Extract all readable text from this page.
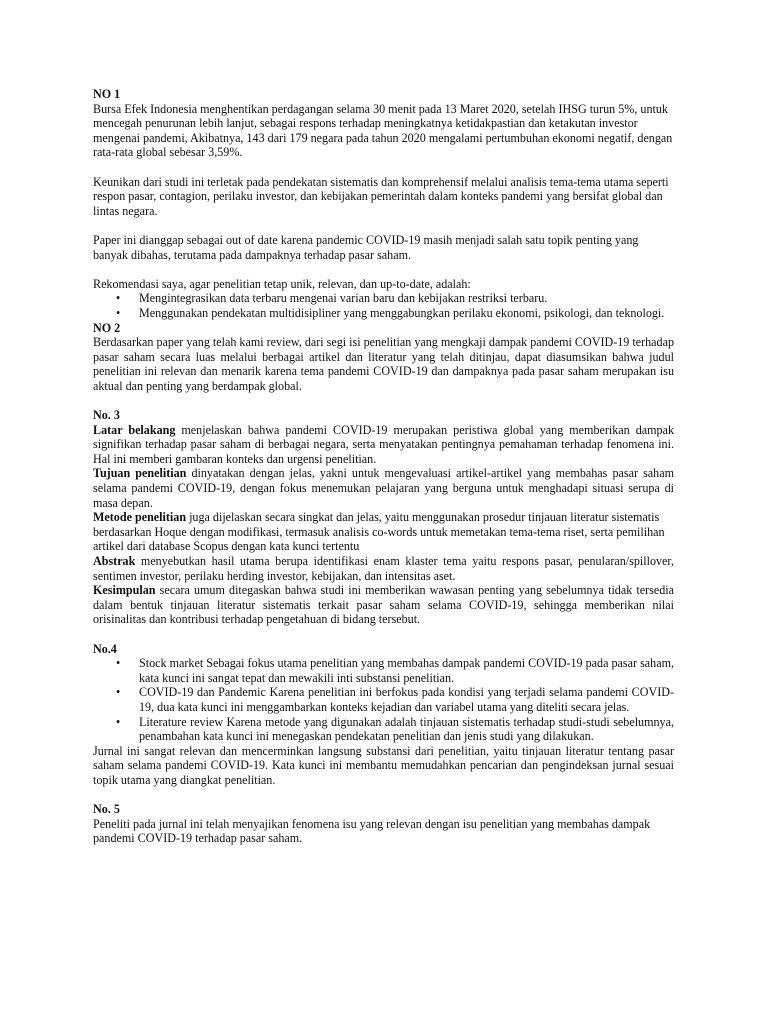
NO 1

Bursa Efek Indonesia menghentikan perdagangan selama 30 menit pada 13 Maret 2020, setelah IHSG turun 5%, untuk mencegah penurunan lebih lanjut, sebagai respons terhadap meningkatnya ketidakpastian dan ketakutan investor mengenai pandemi, Akibatnya, 143 dari 179 negara pada tahun 2020 mengalami pertumbuhan ekonomi negatif, dengan rata-rata global sebesar 3,59%.

Keunikan dari studi ini terletak pada pendekatan sistematis dan komprehensif melalui analisis tema-tema utama seperti respon pasar, contagion, perilaku investor, dan kebijakan pemerintah dalam konteks pandemi yang bersifat global dan lintas negara.

Paper ini dianggap sebagai out of date karena pandemic COVID-19 masih menjadi salah satu topik penting yang banyak dibahas, terutama pada dampaknya terhadap pasar saham.

Rekomendasi saya, agar penelitian tetap unik, relevan, dan up-to-date, adalah:

• Mengintegrasikan data terbaru mengenai varian baru dan kebijakan restriksi terbaru.
• Menggunakan pendekatan multidisipliner yang menggabungkan perilaku ekonomi, psikologi, dan teknologi.

NO 2

Berdasarkan paper yang telah kami review, dari segi isi penelitian yang mengkaji dampak pandemi COVID-19 terhadap pasar saham secara luas melalui berbagai artikel dan literatur yang telah ditinjau, dapat diasumsikan bahwa judul penelitian ini relevan dan menarik karena tema pandemi COVID-19 dan dampaknya pada pasar saham merupakan isu aktual dan penting yang berdampak global.

No. 3

Latar belakang menjelaskan bahwa pandemi COVID-19 merupakan peristiwa global yang memberikan dampak signifikan terhadap pasar saham di berbagai negara, serta menyatakan pentingnya pemahaman terhadap fenomena ini. Hal ini memberi gambaran konteks dan urgensi penelitian.

Tujuan penelitian dinyatakan dengan jelas, yakni untuk mengevaluasi artikel-artikel yang membahas pasar saham selama pandemi COVID-19, dengan fokus menemukan pelajaran yang berguna untuk menghadapi situasi serupa di masa depan.

Metode penelitian juga dijelaskan secara singkat dan jelas, yaitu menggunakan prosedur tinjauan literatur sistematis berdasarkan Hoque dengan modifikasi, termasuk analisis co-words untuk memetakan tema-tema riset, serta pemilihan artikel dari database Scopus dengan kata kunci tertentu

Abstrak menyebutkan hasil utama berupa identifikasi enam klaster tema yaitu respons pasar, penularan/spillover, sentimen investor, perilaku herding investor, kebijakan, dan intensitas aset.

Kesimpulan secara umum ditegaskan bahwa studi ini memberikan wawasan penting yang sebelumnya tidak tersedia dalam bentuk tinjauan literatur sistematis terkait pasar saham selama COVID-19, sehingga memberikan nilai orisinalitas dan kontribusi terhadap pengetahuan di bidang tersebut.

No.4

• Stock market Sebagai fokus utama penelitian yang membahas dampak pandemi COVID-19 pada pasar saham, kata kunci ini sangat tepat dan mewakili inti substansi penelitian.
• COVID-19 dan Pandemic Karena penelitian ini berfokus pada kondisi yang terjadi selama pandemi COVID-19, dua kata kunci ini menggambarkan konteks kejadian dan variabel utama yang diteliti secara jelas.
• Literature review Karena metode yang digunakan adalah tinjauan sistematis terhadap studi-studi sebelumnya, penambahan kata kunci ini menegaskan pendekatan penelitian dan jenis studi yang dilakukan.

Jurnal ini sangat relevan dan mencerminkan langsung substansi dari penelitian, yaitu tinjauan literatur tentang pasar saham selama pandemi COVID-19. Kata kunci ini membantu memudahkan pencarian dan pengindeksan jurnal sesuai topik utama yang diangkat penelitian.

No. 5

Peneliti pada jurnal ini telah menyajikan fenomena isu yang relevan dengan isu penelitian yang membahas dampak pandemi COVID-19 terhadap pasar saham.
